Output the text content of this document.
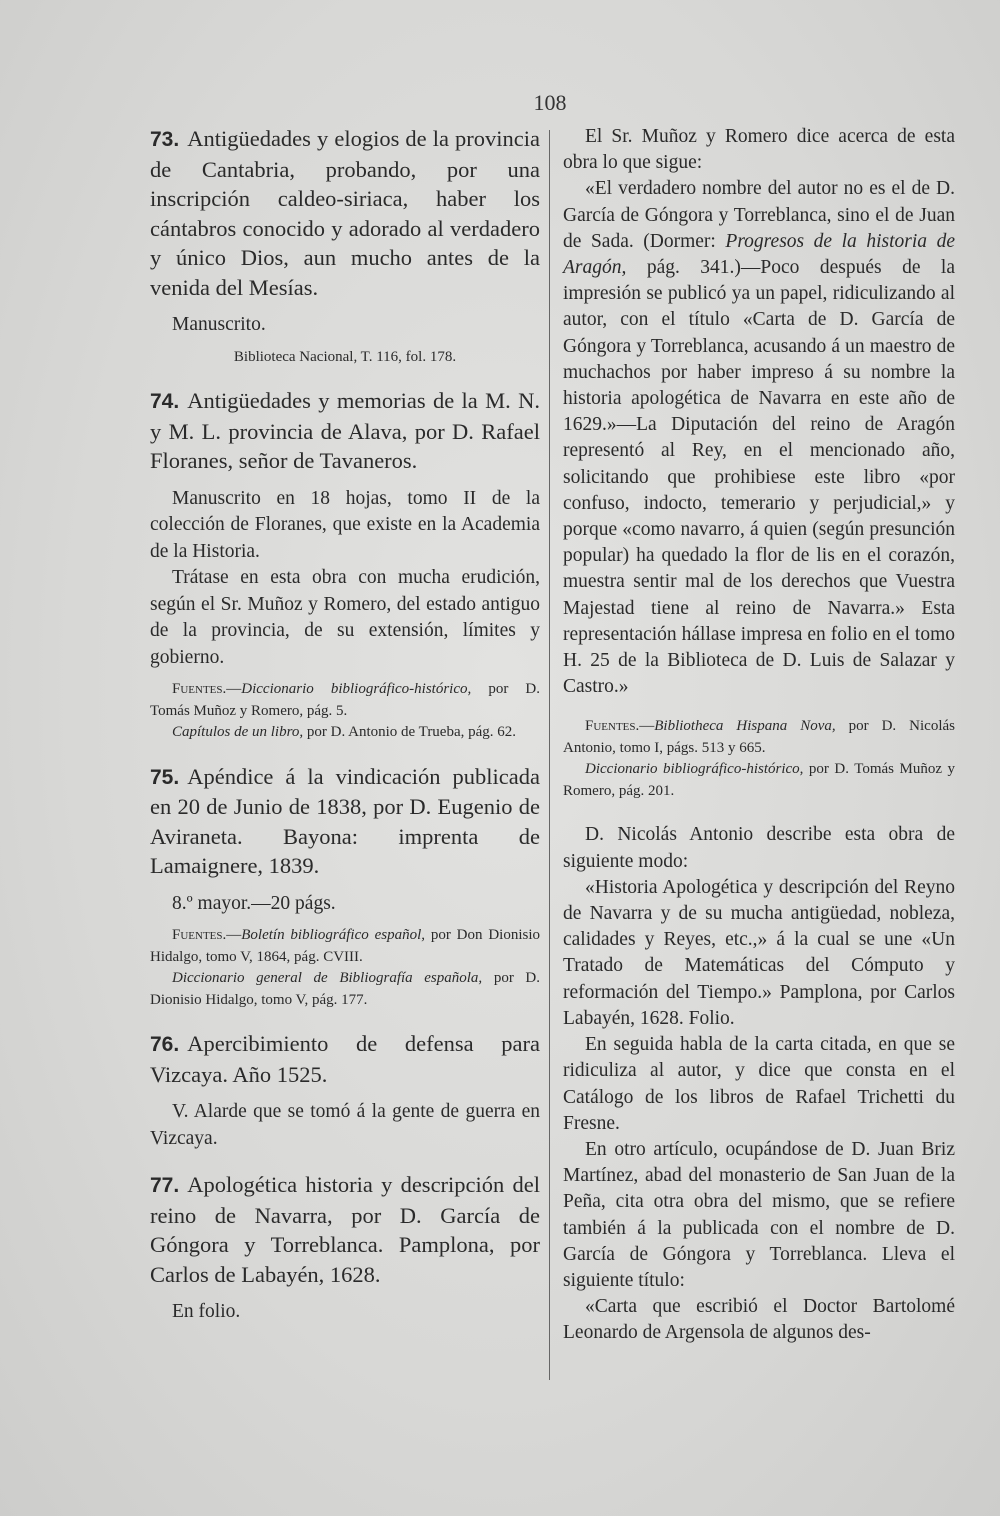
108

73. Antigüedades y elogios de la provincia de Cantabria, probando, por una inscripción caldeo-siriaca, haber los cántabros conocido y adorado al verdadero y único Dios, aun mucho antes de la venida del Mesías.

Manuscrito.

Biblioteca Nacional, T. 116, fol. 178.

74. Antigüedades y memorias de la M. N. y M. L. provincia de Alava, por D. Rafael Floranes, señor de Tavaneros.

Manuscrito en 18 hojas, tomo II de la colección de Floranes, que existe en la Academia de la Historia.

Trátase en esta obra con mucha erudición, según el Sr. Muñoz y Romero, del estado antiguo de la provincia, de su extensión, límites y gobierno.

Fuentes.—Diccionario bibliográfico-histórico, por D. Tomás Muñoz y Romero, pág. 5.

Capítulos de un libro, por D. Antonio de Trueba, pág. 62.

75. Apéndice á la vindicación publicada en 20 de Junio de 1838, por D. Eugenio de Aviraneta. Bayona: imprenta de Lamaignere, 1839.

8.º mayor.—20 págs.

Fuentes.—Boletín bibliográfico español, por Don Dionisio Hidalgo, tomo V, 1864, pág. CVIII.

Diccionario general de Bibliografía española, por D. Dionisio Hidalgo, tomo V, pág. 177.

76. Apercibimiento de defensa para Vizcaya. Año 1525.

V. Alarde que se tomó á la gente de guerra en Vizcaya.

77. Apologética historia y descripción del reino de Navarra, por D. García de Góngora y Torreblanca. Pamplona, por Carlos de Labayén, 1628.

En folio.

El Sr. Muñoz y Romero dice acerca de esta obra lo que sigue:

«El verdadero nombre del autor no es el de D. García de Góngora y Torreblanca, sino el de Juan de Sada. (Dormer: Progresos de la historia de Aragón, pág. 341.)—Poco después de la impresión se publicó ya un papel, ridiculizando al autor, con el título «Carta de D. García de Góngora y Torreblanca, acusando á un maestro de muchachos por haber impreso á su nombre la historia apologética de Navarra en este año de 1629.»—La Diputación del reino de Aragón representó al Rey, en el mencionado año, solicitando que prohibiese este libro «por confuso, indocto, temerario y perjudicial,» y porque «como navarro, á quien (según presunción popular) ha quedado la flor de lis en el corazón, muestra sentir mal de los derechos que Vuestra Majestad tiene al reino de Navarra.» Esta representación hállase impresa en folio en el tomo H. 25 de la Biblioteca de D. Luis de Salazar y Castro.»

Fuentes.—Bibliotheca Hispana Nova, por D. Nicolás Antonio, tomo I, págs. 513 y 665.

Diccionario bibliográfico-histórico, por D. Tomás Muñoz y Romero, pág. 201.

D. Nicolás Antonio describe esta obra de siguiente modo:

«Historia Apologética y descripción del Reyno de Navarra y de su mucha antigüedad, nobleza, calidades y Reyes, etc.,» á la cual se une «Un Tratado de Matemáticas del Cómputo y reformación del Tiempo.» Pamplona, por Carlos Labayén, 1628. Folio.

En seguida habla de la carta citada, en que se ridiculiza al autor, y dice que consta en el Catálogo de los libros de Rafael Trichetti du Fresne.

En otro artículo, ocupándose de D. Juan Briz Martínez, abad del monasterio de San Juan de la Peña, cita otra obra del mismo, que se refiere también á la publicada con el nombre de D. García de Góngora y Torreblanca. Lleva el siguiente título:

«Carta que escribió el Doctor Bartolomé Leonardo de Argensola de algunos des-
